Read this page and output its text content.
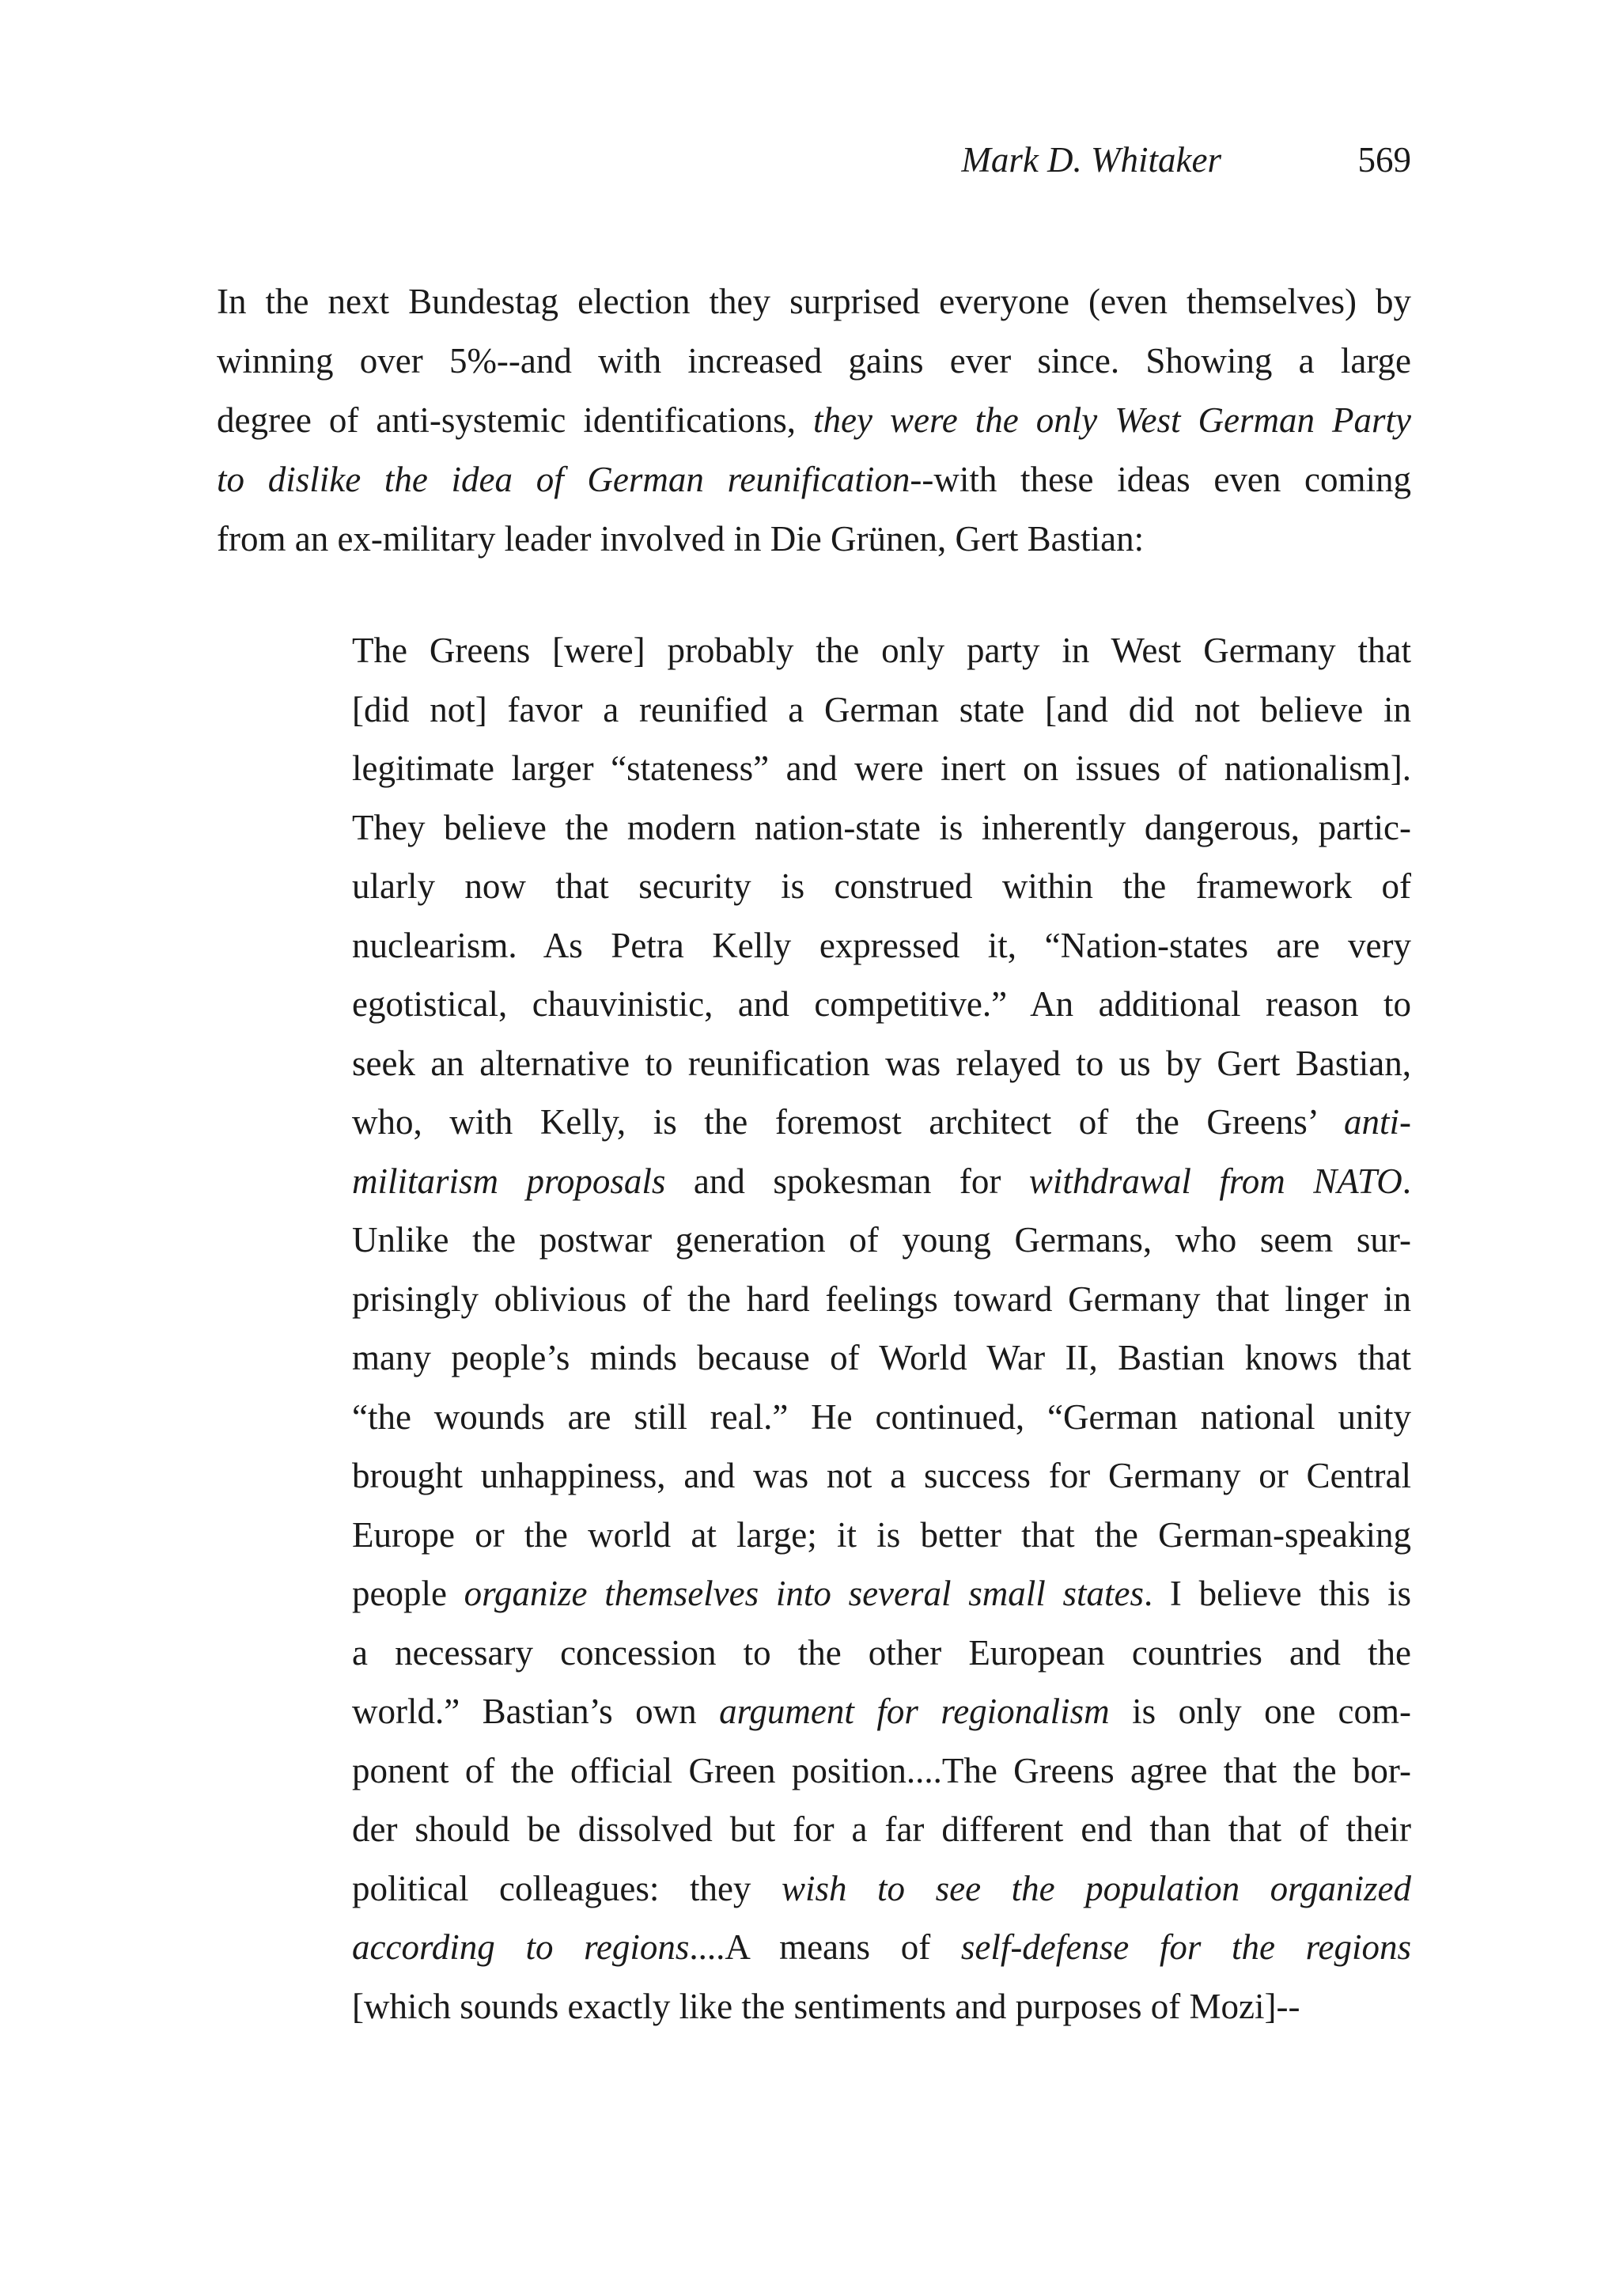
Mark D. Whitaker	569
In the next Bundestag election they surprised everyone (even themselves) by
winning over 5%--and with increased gains ever since. Showing a large
degree of anti-systemic identifications, they were the only West German Party
to dislike the idea of German reunification--with these ideas even coming
from an ex-military leader involved in Die Grünen, Gert Bastian:
The Greens [were] probably the only party in West Germany that
[did not] favor a reunified a German state [and did not believe in
legitimate larger “stateness” and were inert on issues of nationalism].
They believe the modern nation-state is inherently dangerous, partic-
ularly now that security is construed within the framework of
nuclearism. As Petra Kelly expressed it, “Nation-states are very
egotistical, chauvinistic, and competitive.” An additional reason to
seek an alternative to reunification was relayed to us by Gert Bastian,
who, with Kelly, is the foremost architect of the Greens’ anti-
militarism proposals and spokesman for withdrawal from NATO.
Unlike the postwar generation of young Germans, who seem sur-
prisingly oblivious of the hard feelings toward Germany that linger in
many people’s minds because of World War II, Bastian knows that
“the wounds are still real.” He continued, “German national unity
brought unhappiness, and was not a success for Germany or Central
Europe or the world at large; it is better that the German-speaking
people organize themselves into several small states. I believe this is
a necessary concession to the other European countries and the
world.” Bastian’s own argument for regionalism is only one com-
ponent of the official Green position....The Greens agree that the bor-
der should be dissolved but for a far different end than that of their
political colleagues: they wish to see the population organized
according to regions....A means of self-defense for the regions
[which sounds exactly like the sentiments and purposes of Mozi]--
